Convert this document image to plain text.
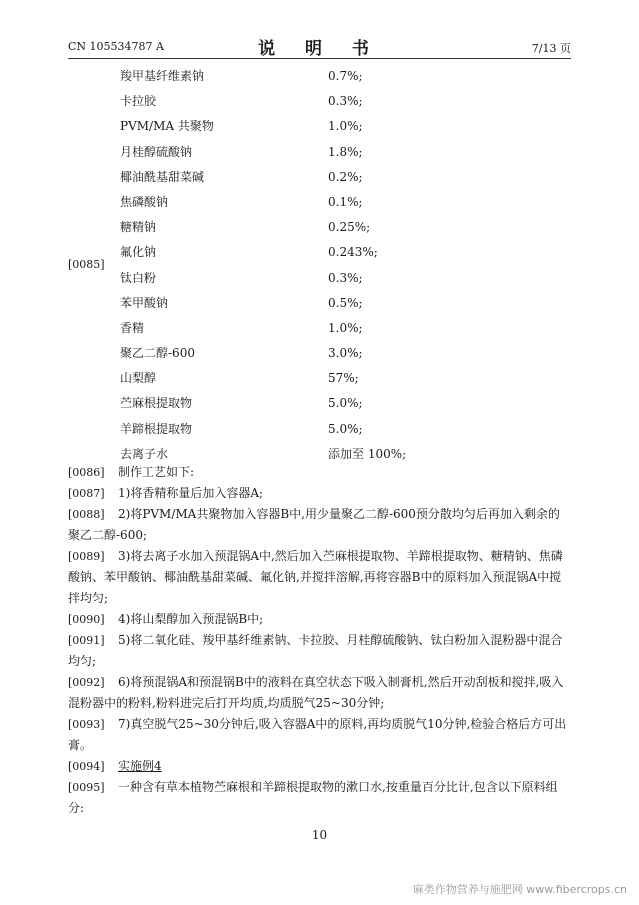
CN 105534787 A	说 明 书	7/13 页
[0085]
羧甲基纤维素钠	0.7%;
卡拉胶	0.3%;
PVM/MA 共聚物	1.0%;
月桂醇硫酸钠	1.8%;
椰油酰基甜菜碱	0.2%;
焦磷酸钠	0.1%;
糖精钠	0.25%;
氟化钠	0.243%;
钛白粉	0.3%;
苯甲酸钠	0.5%;
香精	1.0%;
聚乙二醇-600	3.0%;
山梨醇	57%;
苎麻根提取物	5.0%;
羊蹄根提取物	5.0%;
去离子水	添加至 100%;
[0086]	制作工艺如下:
[0087]	1)将香精称量后加入容器A;
[0088]	2)将PVM/MA共聚物加入容器B中,用少量聚乙二醇-600预分散均匀后再加入剩余的聚乙二醇-600;
[0089]	3)将去离子水加入预混锅A中,然后加入苎麻根提取物、羊蹄根提取物、糖精钠、焦磷酸钠、苯甲酸钠、椰油酰基甜菜碱、氟化钠,并搅拌溶解,再将容器B中的原料加入预混锅A中搅拌均匀;
[0090]	4)将山梨醇加入预混锅B中;
[0091]	5)将二氧化硅、羧甲基纤维素钠、卡拉胶、月桂醇硫酸钠、钛白粉加入混粉器中混合均匀;
[0092]	6)将预混锅A和预混锅B中的液料在真空状态下吸入制膏机,然后开动刮板和搅拌,吸入混粉器中的粉料,粉料进完后打开均质,均质脱气25~30分钟;
[0093]	7)真空脱气25~30分钟后,吸入容器A中的原料,再均质脱气10分钟,检验合格后方可出膏。
[0094]	实施例4
[0095]	一种含有草本植物苎麻根和羊蹄根提取物的漱口水,按重量百分比计,包含以下原料组分:
10
麻类作物营养与施肥网 www.fibercrops.cn
